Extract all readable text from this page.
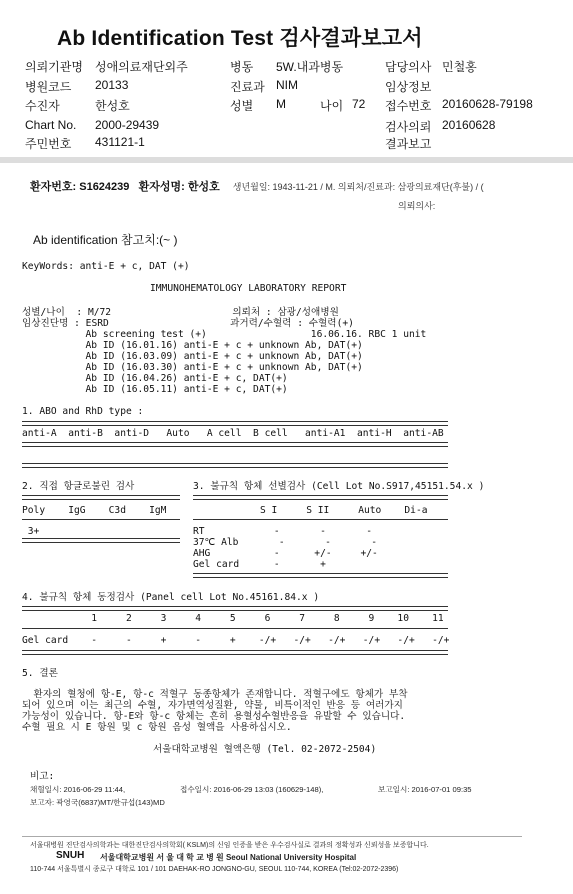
Ab Identification Test 검사결과보고서
의뢰기관명 성애의료재단외주	병동 5W.내과병동	담당의사 민철홍
병원코드 20133	진료과 NIM	임상정보
수진자	한성호	성별 M	나이 72 접수번호 20160628-79198
Chart No. 2000-29439	검사의뢰 20160628
주민번호 431121-1	결과보고
환자번호: S1624239 환자성명: 한성호 생년월일: 1943-11-21 / M. 의뢰처/진료과: 삼광의료재단(후불) / (
의뢰의사:
Ab identification 참고치:(~ )
KeyWords: anti-E + c, DAT (+)
IMMUNOHEMATOLOGY LABORATORY REPORT
성별/나이  : M/72                     의뢰처 : 삼광/성애병원
임상진단명 : ESRD                     과거력/수혈력 : 수혈력(+)
Ab screening test (+)                  16.06.16. RBC 1 unit
Ab ID (16.01.16) anti-E + c + unknown Ab, DAT(+)
Ab ID (16.03.09) anti-E + c + unknown Ab, DAT(+)
Ab ID (16.03.30) anti-E + c + unknown Ab, DAT(+)
Ab ID (16.04.26) anti-E + c, DAT(+)
Ab ID (16.05.11) anti-E + c, DAT(+)
1. ABO and RhD type :
anti-A  anti-B  anti-D   Auto   A cell  B cell   anti-A1  anti-H  anti-AB
2. 직접 항글로불린 검사
Poly    IgG    C3d    IgM
3+
3. 불규칙 항체 선별검사 (Cell Lot No.S917,45151.54.x )
S I     S II     Auto    Di-a
RT            -       -       -
37℃ Alb       -       -       -
AHG           -      +/-     +/-
Gel card      -       +
4. 불규칙 항체 동정검사 (Panel cell Lot No.45161.84.x )
1     2     3     4     5     6     7     8     9    10    11
Gel card    -     -     +     -     +    -/+   -/+   -/+   -/+   -/+   -/+
5. 결론
환자의 혈청에 항-E, 항-c 적혈구 동종항체가 존재합니다. 적혈구에도 항체가 부착
되어 있으며 이는 최근의 수혈, 자가면역성질환, 약물, 비특이적인 반응 등 여러가지
가능성이 있습니다. 항-E와 항-c 항체는 흔히 용혈성수혈반응을 유발할 수 있습니다.
수혈 필요 시 E 항원 및 c 항원 음성 혈액을 사용하십시오.
서울대학교병원 혈액은행 (Tel. 02-2072-2504)
비고:
채혈일시: 2016-06-29 11:44,	접수일시: 2016-06-29 13:03 (160629-148),	보고일시: 2016-07-01 09:35
보고자: 곽영국(6837)MT/한규섭(143)MD
서울대병원 진단검사의학과는 대한진단검사의학회( KSLM)의 신임 인증을 받은 우수검사실로 결과의 정확성과 신뢰성을 보증합니다.
SNUH 서울대학교병원 서 울 대 학 교 병 원 Seoul National University Hospital
110-744 서울특별시 종로구 대학로 101 / 101 DAEHAK-RO JONGNO-GU, SEOUL 110-744, KOREA (Tel:02-2072-2396)
